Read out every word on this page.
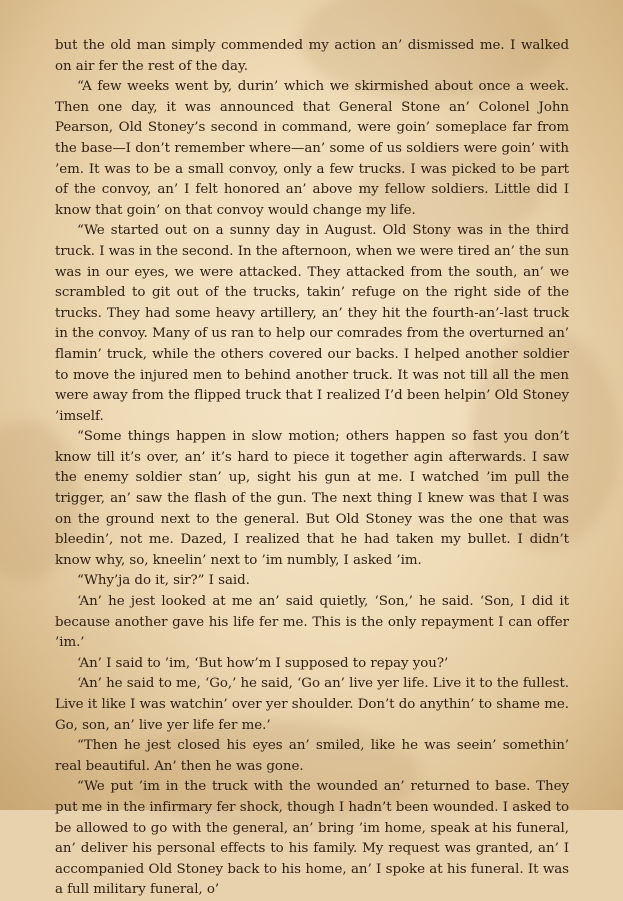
but the old man simply commended my action an’ dismissed me. I walked on air fer the rest of the day.

“A few weeks went by, durin’ which we skirmished about once a week. Then one day, it was announced that General Stone an’ Colonel John Pearson, Old Stoney’s second in command, were goin’ someplace far from the base—I don’t remember where—an’ some of us soldiers were goin’ with ’em. It was to be a small convoy, only a few trucks. I was picked to be part of the convoy, an’ I felt honored an’ above my fellow soldiers. Little did I know that goin’ on that convoy would change my life.

“We started out on a sunny day in August. Old Stony was in the third truck. I was in the second. In the afternoon, when we were tired an’ the sun was in our eyes, we were attacked. They attacked from the south, an’ we scrambled to git out of the trucks, takin’ refuge on the right side of the trucks. They had some heavy artillery, an’ they hit the fourth-an’-last truck in the convoy. Many of us ran to help our comrades from the overturned an’ flamin’ truck, while the others covered our backs. I helped another soldier to move the injured men to behind another truck. It was not till all the men were away from the flipped truck that I realized I’d been helpin’ Old Stoney ’imself.

“Some things happen in slow motion; others happen so fast you don’t know till it’s over, an’ it’s hard to piece it together agin afterwards. I saw the enemy soldier stan’ up, sight his gun at me. I watched ’im pull the trigger, an’ saw the flash of the gun. The next thing I knew was that I was on the ground next to the general. But Old Stoney was the one that was bleedin’, not me. Dazed, I realized that he had taken my bullet. I didn’t know why, so, kneelin’ next to ’im numbly, I asked ’im.

“Why’ja do it, sir?” I said.

‘An’ he jest looked at me an’ said quietly, ‘Son,’ he said. ‘Son, I did it because another gave his life fer me. This is the only repayment I can offer ’im.’

‘An’ I said to ’im, ‘But how’m I supposed to repay you?’

‘An’ he said to me, ‘Go,’ he said, ‘Go an’ live yer life. Live it to the fullest. Live it like I was watchin’ over yer shoulder. Don’t do anythin’ to shame me. Go, son, an’ live yer life fer me.’

“Then he jest closed his eyes an’ smiled, like he was seein’ somethin’ real beautiful. An’ then he was gone.

“We put ’im in the truck with the wounded an’ returned to base. They put me in the infirmary fer shock, though I hadn’t been wounded. I asked to be allowed to go with the general, an’ bring ’im home, speak at his funeral, an’ deliver his personal effects to his family. My request was granted, an’ I accompanied Old Stoney back to his home, an’ I spoke at his funeral. It was a full military funeral, o’
